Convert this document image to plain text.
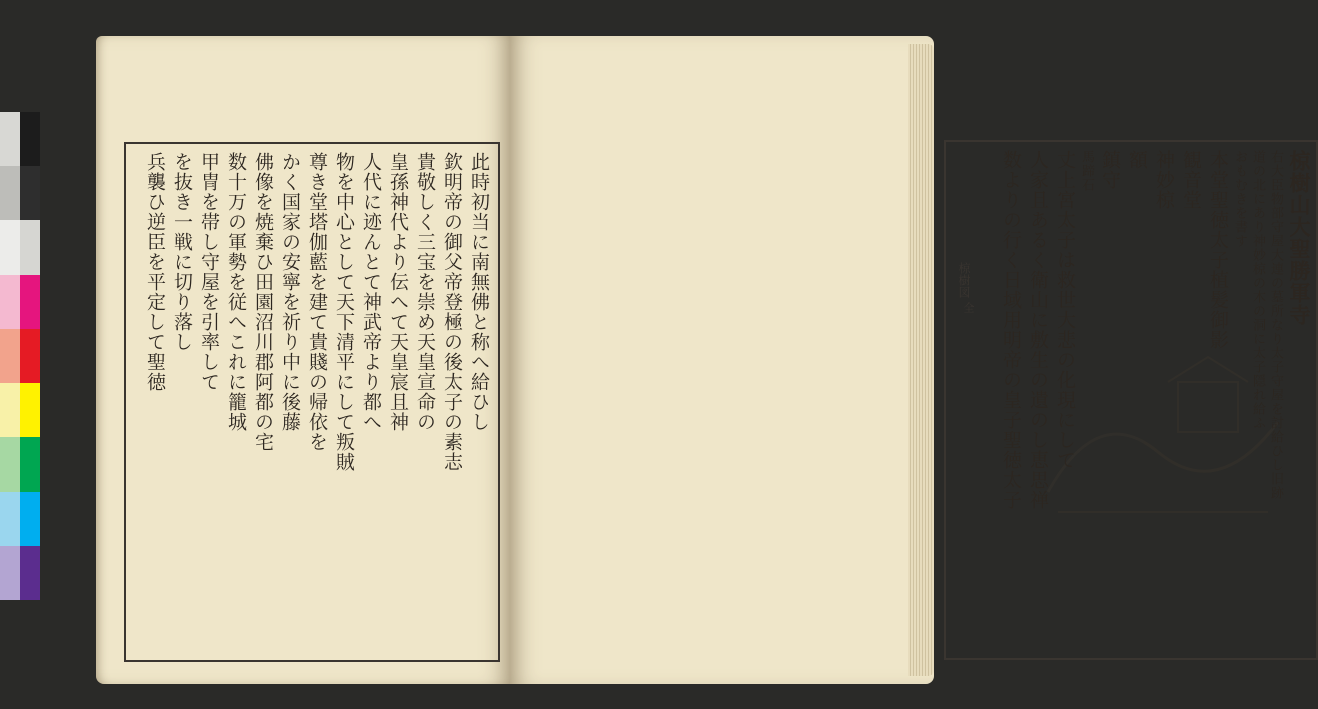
此時初当に南無佛と称へ給ひし
欽明帝の御父帝登極の後太子の素志
貴敬しく三宝を崇め天皇宣命の
皇孫神代より伝へて天皇宸且神
人代に迹んとて神武帝より都へ
物を中心として天下清平にして叛賊
尊き堂塔伽藍を建て貴賤の帰依を
かく国家の安寧を祈り中に後藤
佛像を焼棄ひ田園沼川郡阿都の宅
数十万の軍勢を従へこれに籠城
甲冑を帯し守屋を引率して
を抜き一戦に切り落し
兵襲ひ逆臣を平定して聖徳	椋樹図
全	椋樹山大聖勝軍寺
右大臣物部守屋大連の墓所なり太子守屋を討給ひし旧跡
道の北にあり神妙椋の木の洞に太子隠れ給ふ
おもむきを書す
本堂聖徳太子植髪御影
観音堂
神妙椋
額
鎮守
馬蹄石
丈上宮太子は救世大悲の化現にして
人家且あるく衛山に敷生の遺のし恵思禅
数よりの行く日域用明帝の皇子聖徳太子
